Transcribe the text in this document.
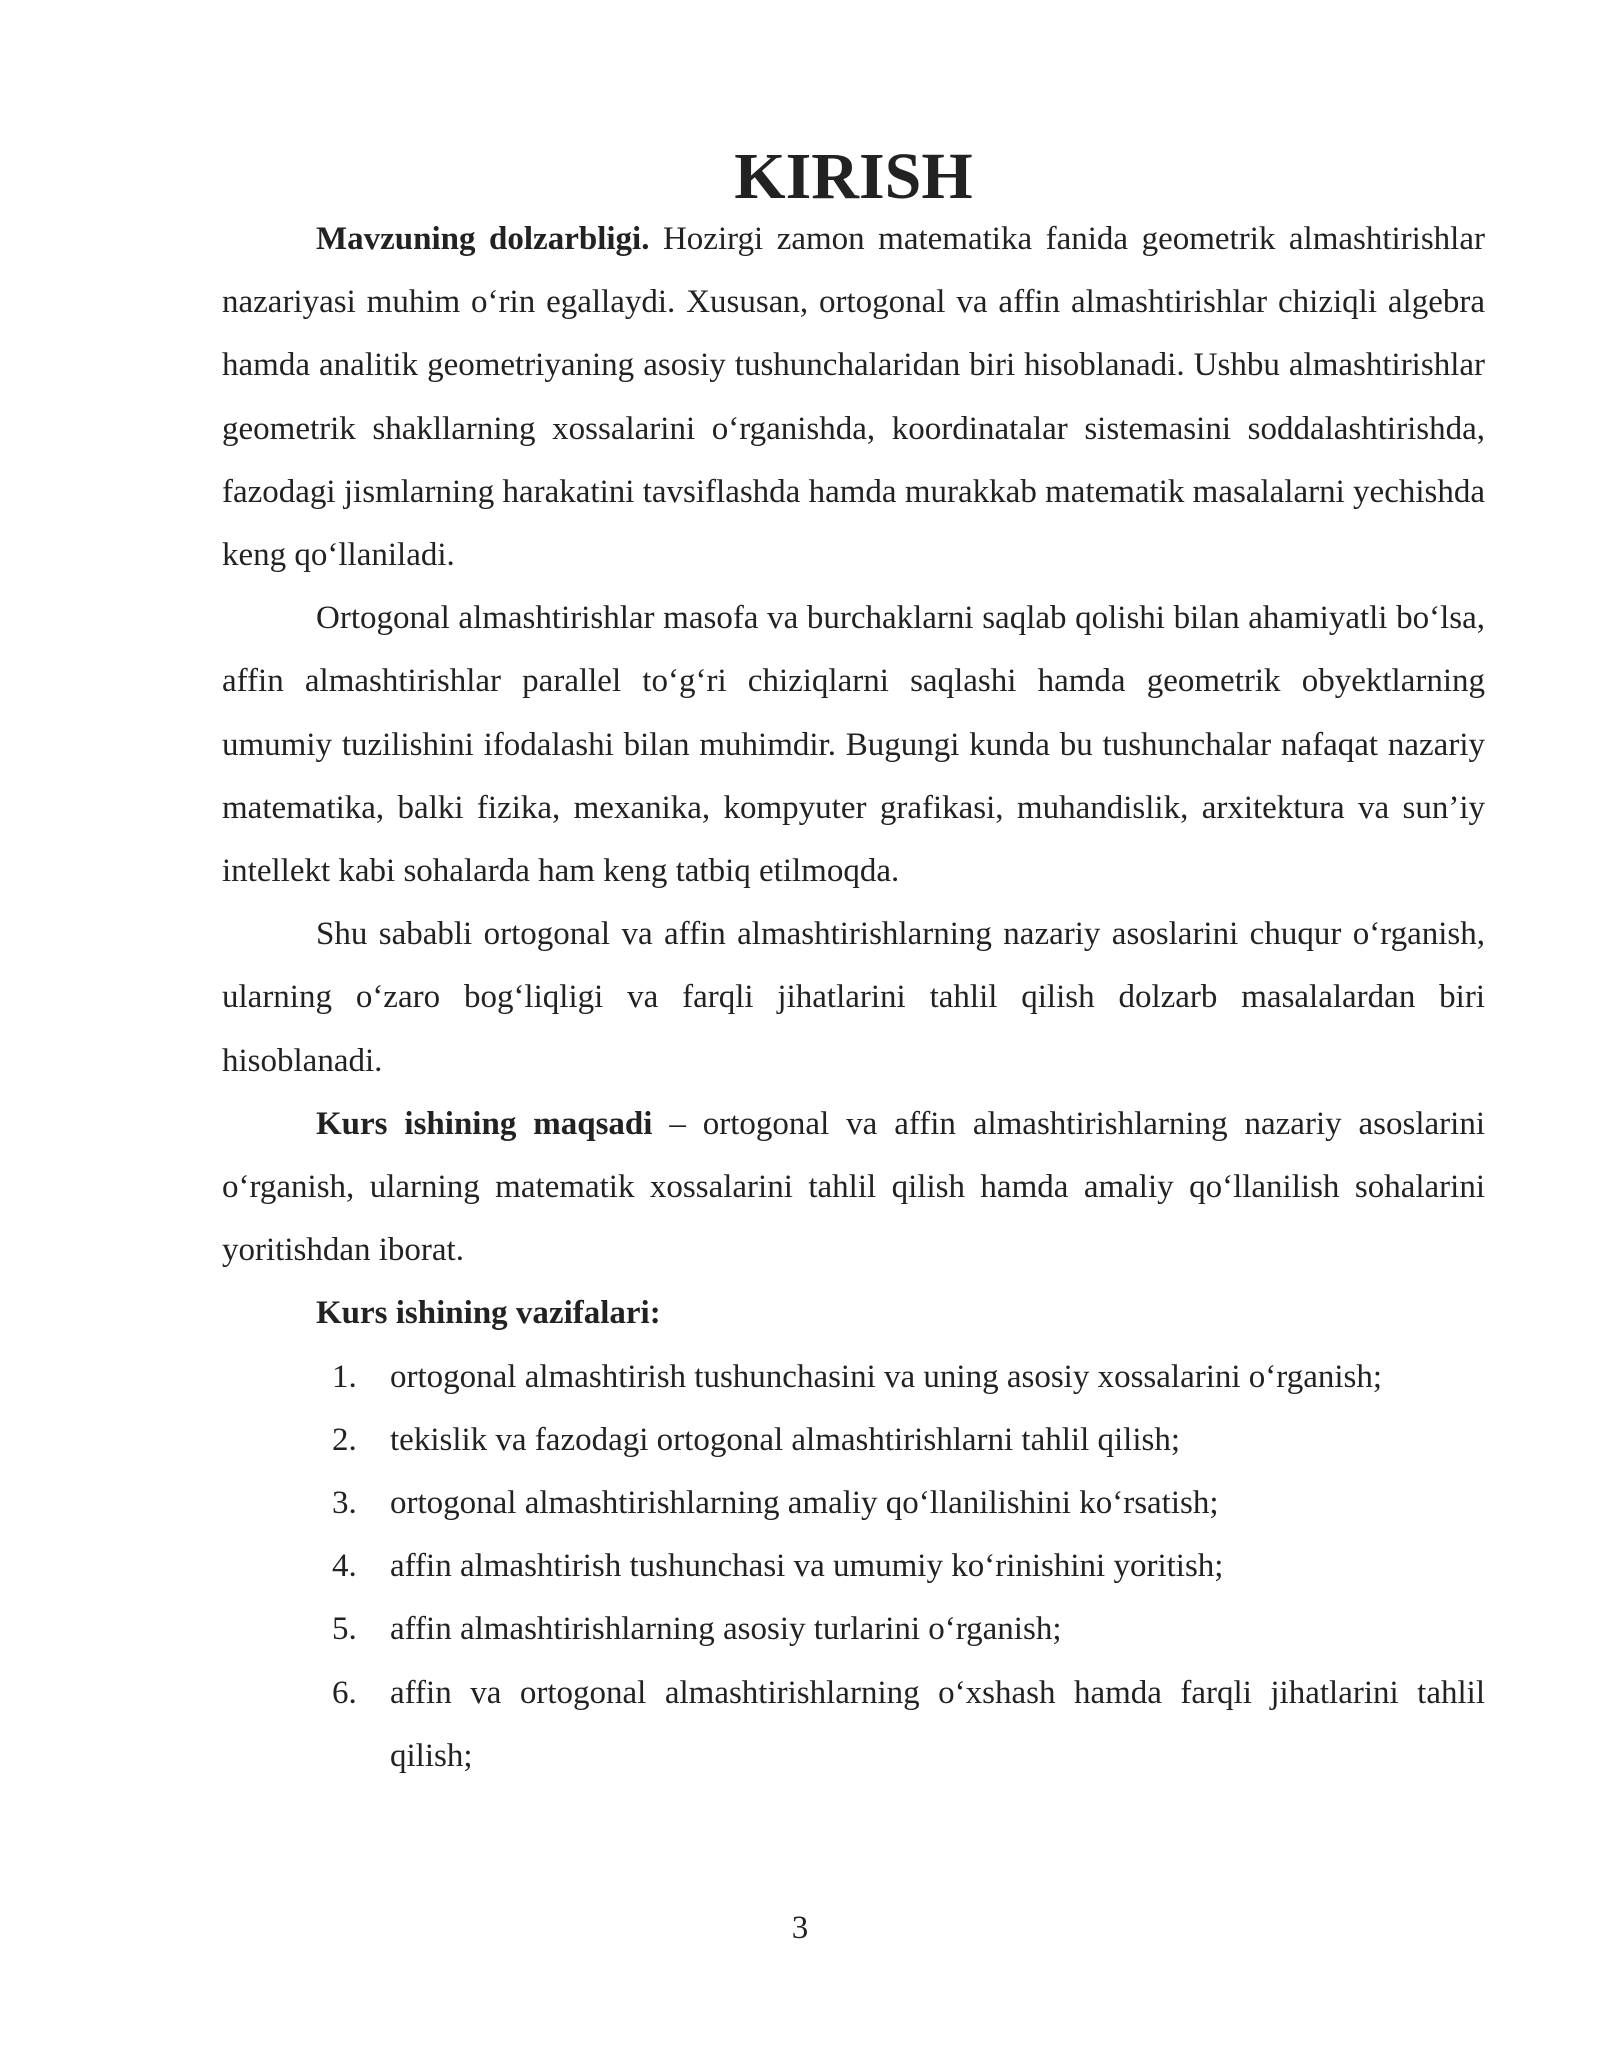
KIRISH

Mavzuning dolzarbligi. Hozirgi zamon matematika fanida geometrik almashtirishlar nazariyasi muhim o‘rin egallaydi. Xususan, ortogonal va affin almashtirishlar chiziqli algebra hamda analitik geometriyaning asosiy tushunchalaridan biri hisoblanadi. Ushbu almashtirishlar geometrik shakllarning xossalarini o‘rganishda, koordinatalar sistemasini soddalashtirishda, fazodagi jismlarning harakatini tavsiflashda hamda murakkab matematik masalalarni yechishda keng qo‘llaniladi.

Ortogonal almashtirishlar masofa va burchaklarni saqlab qolishi bilan ahamiyatli bo‘lsa, affin almashtirishlar parallel to‘g‘ri chiziqlarni saqlashi hamda geometrik obyektlarning umumiy tuzilishini ifodalashi bilan muhimdir. Bugungi kunda bu tushunchalar nafaqat nazariy matematika, balki fizika, mexanika, kompyuter grafikasi, muhandislik, arxitektura va sun’iy intellekt kabi sohalarda ham keng tatbiq etilmoqda.

Shu sababli ortogonal va affin almashtirishlarning nazariy asoslarini chuqur o‘rganish, ularning o‘zaro bog‘liqligi va farqli jihatlarini tahlil qilish dolzarb masalalardan biri hisoblanadi.

Kurs ishining maqsadi – ortogonal va affin almashtirishlarning nazariy asoslarini o‘rganish, ularning matematik xossalarini tahlil qilish hamda amaliy qo‘llanilish sohalarini yoritishdan iborat.

Kurs ishining vazifalari:
1. ortogonal almashtirish tushunchasini va uning asosiy xossalarini o‘rganish;
2. tekislik va fazodagi ortogonal almashtirishlarni tahlil qilish;
3. ortogonal almashtirishlarning amaliy qo‘llanilishini ko‘rsatish;
4. affin almashtirish tushunchasi va umumiy ko‘rinishini yoritish;
5. affin almashtirishlarning asosiy turlarini o‘rganish;
6. affin va ortogonal almashtirishlarning o‘xshash hamda farqli jihatlarini tahlil qilish;
3
